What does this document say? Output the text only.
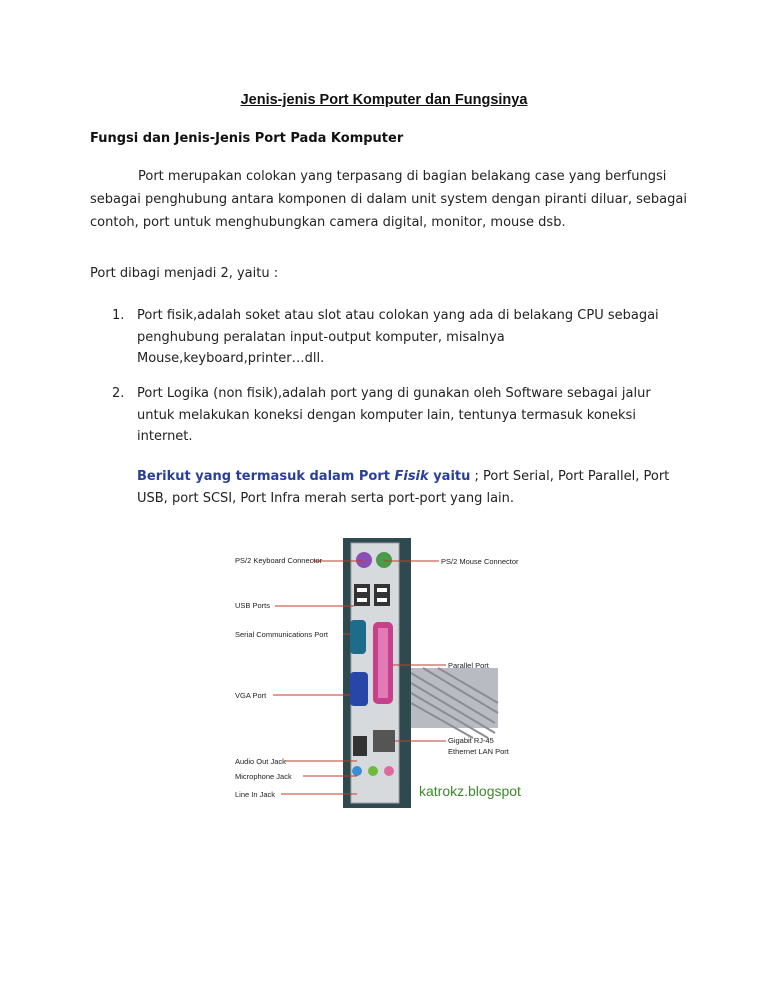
Jenis-jenis Port Komputer dan Fungsinya
Fungsi dan Jenis-Jenis Port Pada Komputer
Port merupakan colokan yang terpasang di bagian belakang case yang berfungsi sebagai penghubung antara komponen di dalam unit system dengan piranti diluar, sebagai contoh, port untuk menghubungkan camera digital, monitor, mouse dsb.
Port dibagi menjadi 2, yaitu :
1. Port fisik,adalah soket atau slot atau colokan yang ada di belakang CPU sebagai penghubung peralatan input-output komputer, misalnya Mouse,keyboard,printer…dll.
2. Port Logika (non fisik),adalah port yang di gunakan oleh Software sebagai jalur untuk melakukan koneksi dengan komputer lain, tentunya termasuk koneksi internet.
Berikut yang termasuk dalam Port Fisik yaitu ; Port Serial, Port Parallel, Port USB, port SCSI, Port Infra merah serta port-port yang lain.
PS/2 Keyboard Connector
USB Ports
Serial Communications Port
VGA Port
Audio Out Jack
Microphone Jack
Line In Jack
PS/2 Mouse Connector
Parallel Port
Gigabit RJ-45
Ethernet LAN Port
katrokz.blogspot
